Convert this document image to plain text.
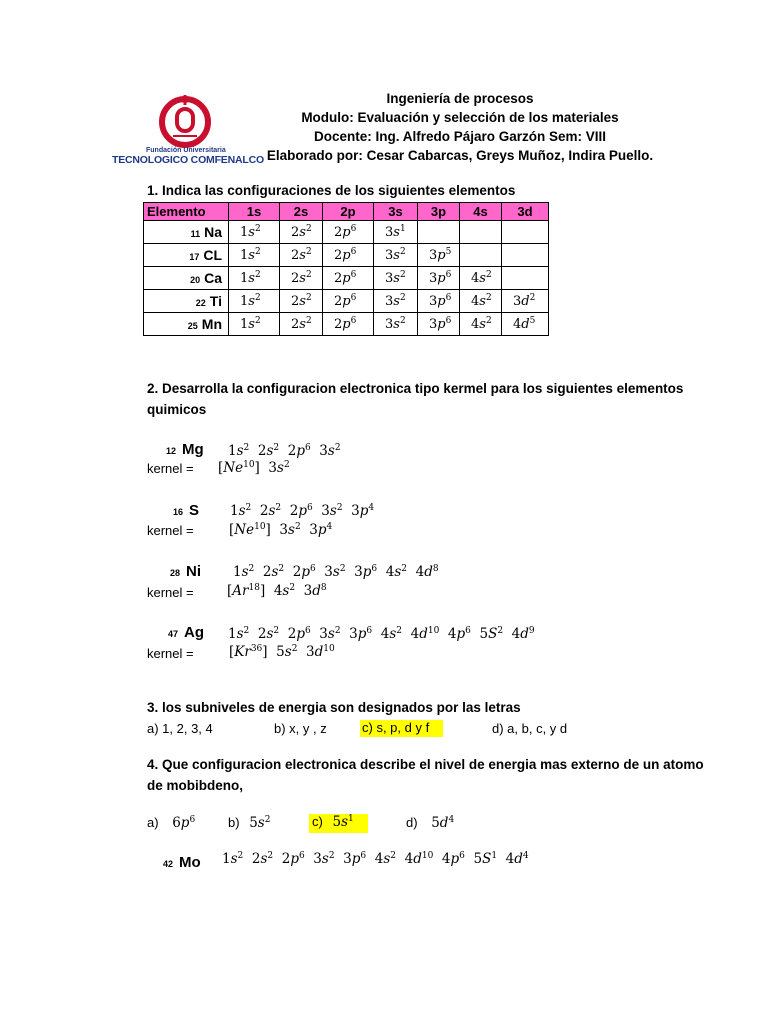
Fundación Universitaria
TECNOLOGICO COMFENALCO
Ingeniería de procesos
Modulo: Evaluación y selección de los materiales
Docente: Ing. Alfredo Pájaro Garzón Sem: VIII
Elaborado por: Cesar Cabarcas, Greys Muñoz, Indira Puello.
1. Indica las configuraciones de los siguientes elementos
Elemento	1s	2s	2p	3s	3p	4s	3d
11 Na	$1s^2$	$2s^2$	$2p^6$	$3s^1$			
17 CL	$1s^2$	$2s^2$	$2p^6$	$3s^2$	$3p^5$		
20 Ca	$1s^2$	$2s^2$	$2p^6$	$3s^2$	$3p^6$	$4s^2$	
22 Ti	$1s^2$	$2s^2$	$2p^6$	$3s^2$	$3p^6$	$4s^2$	$3d^2$
25 Mn	$1s^2$	$2s^2$	$2p^6$	$3s^2$	$3p^6$	$4s^2$	$4d^5$
2. Desarrolla la configuracion electronica tipo kermel para los siguientes elementos
quimicos
12 Mg $1s^2$ $2s^2$ $2p^6$ $3s^2$
kernel = $[Ne^{10}]$ $3s^2$
16 S $1s^2$ $2s^2$ $2p^6$ $3s^2$ $3p^4$
kernel =	$[Ne^{10}]$ $3s^2$ $3p^4$
28 Ni $1s^2$ $2s^2$ $2p^6$ $3s^2$ $3p^6$ $4s^2$ $4d^8$
kernel = $[Ar^{18}]$ $4s^2$ $3d^8$
47 Ag $1s^2$ $2s^2$ $2p^6$ $3s^2$ $3p^6$ $4s^2$ $4d^{10}$ $4p^6$ $5S^2$ $4d^9$
kernel =	$[Kr^{36}]$ $5s^2$ $3d^{10}$
3. los subniveles de energia son designados por las letras
a) 1, 2, 3, 4	b) x, y , z	c) s, p, d y f	d) a, b, c, y d
4. Que configuracion electronica describe el nivel de energia mas externo de un atomo
de mobibdeno,
a) $6p^6$	b) $5s^2$	c) $5s^1$	d) $5d^4$
42 Mo $1s^2$ $2s^2$ $2p^6$ $3s^2$ $3p^6$ $4s^2$ $4d^{10}$ $4p^6$ $5S^1$ $4d^4$
